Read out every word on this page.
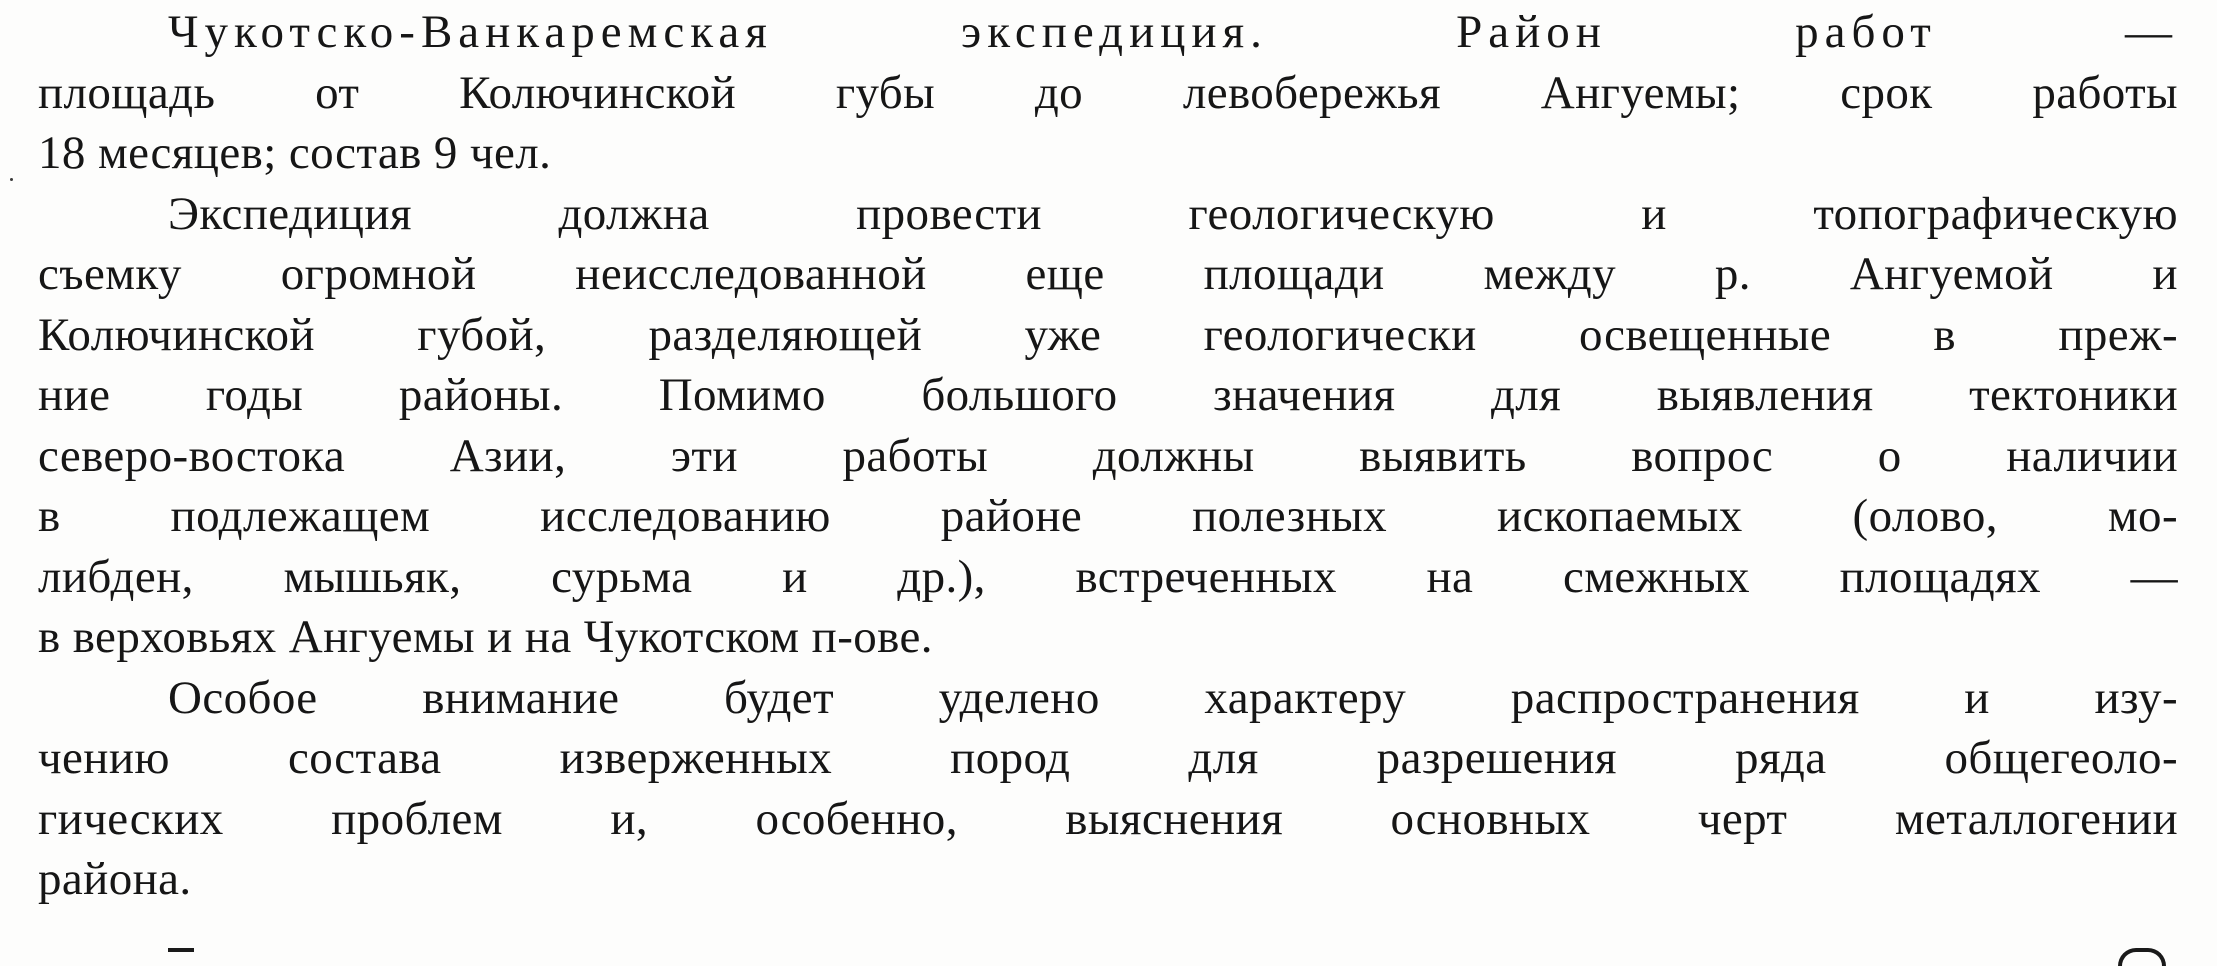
Чукотско-Ванкаремская экспедиция. Район работ —
площадь от Колючинской губы до левобережья Ангуемы; срок работы
18 месяцев; состав 9 чел.
Экспедиция должна провести геологическую и топографическую
съемку огромной неисследованной еще площади между р. Ангуемой и
Колючинской губой, разделяющей уже геологически освещенные в преж-
ние годы районы. Помимо большого значения для выявления тектоники
северо-востока Азии, эти работы должны выявить вопрос о наличии
в подлежащем исследованию районе полезных ископаемых (олово, мо-
либден, мышьяк, сурьма и др.), встреченных на смежных площадях —
в верховьях Ангуемы и на Чукотском п-ове.
Особое внимание будет уделено характеру распространения и изу-
чению состава изверженных пород для разрешения ряда общегеоло-
гических проблем и, особенно, выяснения основных черт металлогении
района.
